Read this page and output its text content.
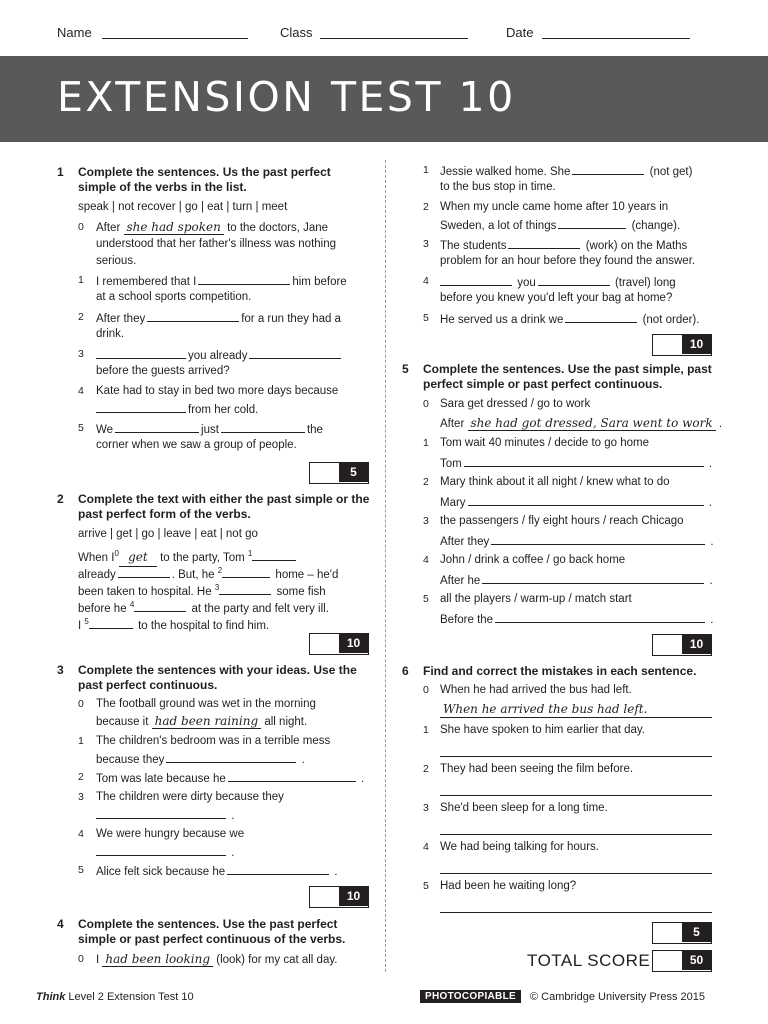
Name	Class	Date
EXTENSION TEST 10
1 Complete the sentences. Us the past perfect simple of the verbs in the list.
speak | not recover | go | eat | turn | meet
0 After she had spoken to the doctors, Jane
understood that her father's illness was nothing
serious.
1 I remembered that I	him before
at a school sports competition.
2 After they	for a run they had a
drink.
3	you already
before the guests arrived?
4 Kate had to stay in bed two more days because
from her cold.
5 We	just	the
corner when we saw a group of people.
5
2 Complete the text with either the past simple or the past perfect form of the verbs.
arrive | get | go | leave | eat | not go
When $I^0$ get to the party, Tom $^1$
already	. But, he $^2$	home – he'd
been taken to hospital. He $^3$	some fish
before he $^4$	at the party and felt very ill.
I $^5$	to the hospital to find him.
10
3 Complete the sentences with your ideas. Use the past perfect continuous.
0 The football ground was wet in the morning
because it had been raining all night.
1 The children's bedroom was in a terrible mess
because they	.
2 Tom was late because he	.
3 The children were dirty because they
.
4 We were hungry because we
.
5 Alice felt sick because he	.
10
4 Complete the sentences. Use the past perfect simple or past perfect continuous of the verbs.
0 I had been looking (look) for my cat all day.
1 Jessie walked home. She	(not get)
to the bus stop in time.
2 When my uncle came home after 10 years in
Sweden, a lot of things	(change).
3 The students	(work) on the Maths
problem for an hour before they found the answer.
4	you	(travel) long
before you knew you'd left your bag at home?
5 He served us a drink we	(not order).
10
5 Complete the sentences. Use the past simple, past perfect simple or past perfect continuous.
0 Sara get dressed / go to work
After she had got dressed, Sara went to work .
1 Tom wait 40 minutes / decide to go home
Tom	.
2 Mary think about it all night / knew what to do
Mary	.
3 the passengers / fly eight hours / reach Chicago
After they	.
4 John / drink a coffee / go back home
After he	.
5 all the players / warm-up / match start
Before the	.
10
6 Find and correct the mistakes in each sentence.
0 When he had arrived the bus had left.
When he arrived the bus had left.
1 She have spoken to him earlier that day.
2 They had been seeing the film before.
3 She'd been sleep for a long time.
4 We had being talking for hours.
5 Had been he waiting long?
5
TOTAL SCORE	50
Think Level 2 Extension Test 10	PHOTOCOPIABLE	© Cambridge University Press 2015
